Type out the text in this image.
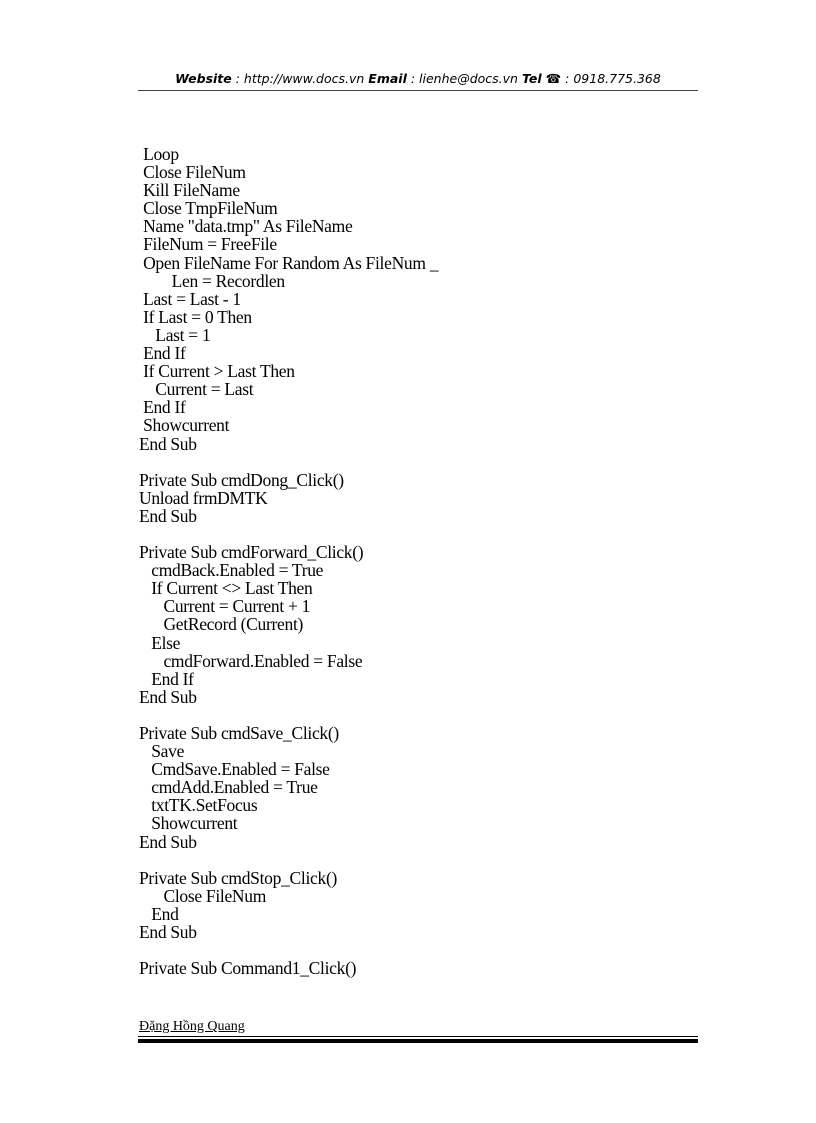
Website : http://www.docs.vn Email : lienhe@docs.vn Tel ☎ : 0918.775.368
Loop
Close FileNum
Kill FileName
Close TmpFileNum
Name "data.tmp" As FileName
FileNum = FreeFile
Open FileName For Random As FileNum _
Len = Recordlen
Last = Last - 1
If Last = 0 Then
Last = 1
End If
If Current > Last Then
Current = Last
End If
Showcurrent
End Sub
Private Sub cmdDong_Click()
Unload frmDMTK
End Sub
Private Sub cmdForward_Click()
cmdBack.Enabled = True
If Current <> Last Then
Current = Current + 1
GetRecord (Current)
Else
cmdForward.Enabled = False
End If
End Sub
Private Sub cmdSave_Click()
Save
CmdSave.Enabled = False
cmdAdd.Enabled = True
txtTK.SetFocus
Showcurrent
End Sub
Private Sub cmdStop_Click()
Close FileNum
End
End Sub
Private Sub Command1_Click()
Đặng Hồng Quang
